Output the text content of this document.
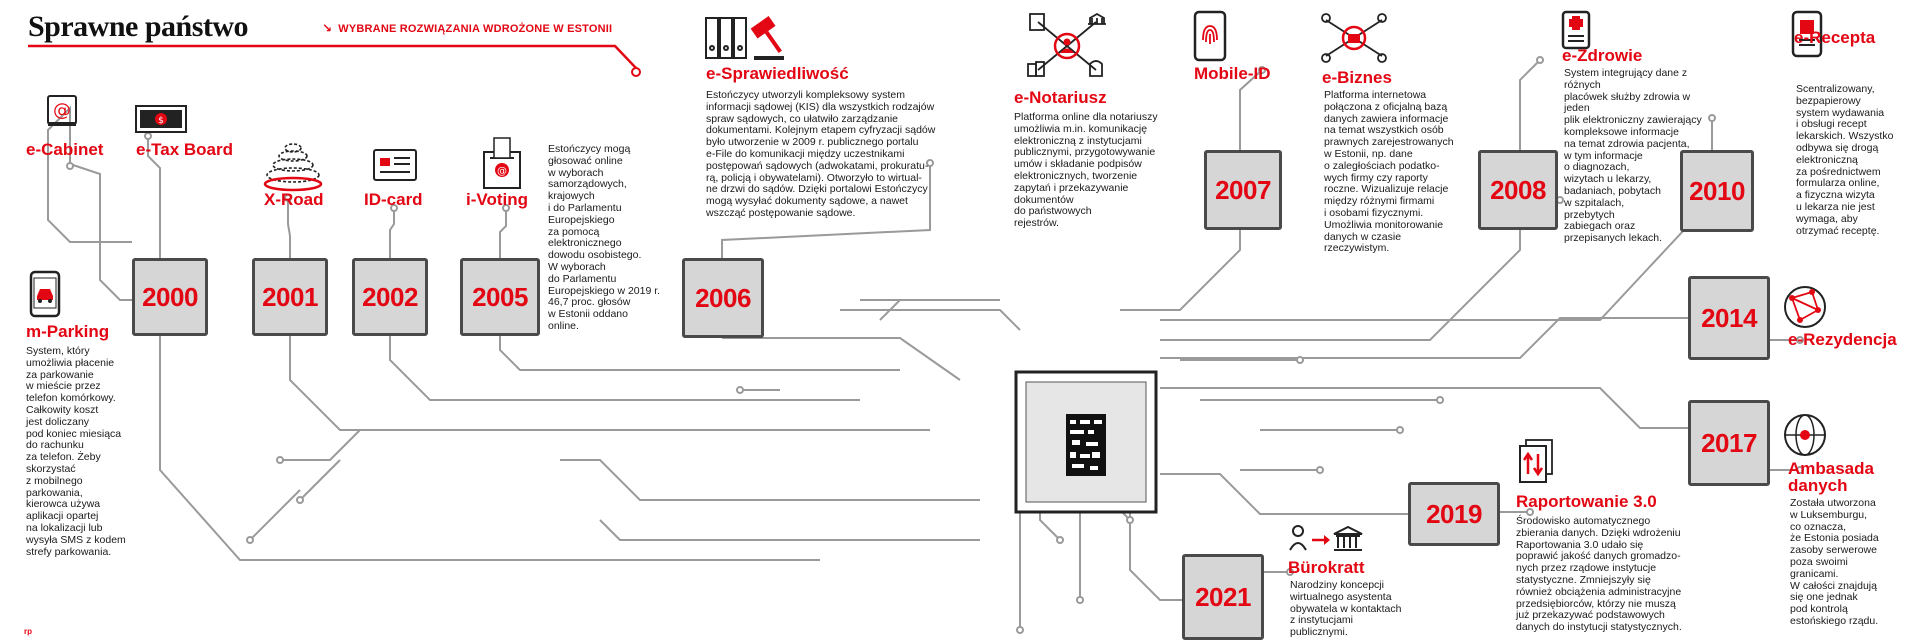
Sprawne państwo	↘ WYBRANE ROZWIĄZANIA WDROŻONE W ESTONII
2000	2001	2002	2005	2006
2007	2008	2010
2014
2017
2019
2021
@
e-Cabinet
$
e-Tax Board
m-Parking
System, który
umożliwia płacenie
za parkowanie
w mieście przez
telefon komórkowy.
Całkowity koszt
jest doliczany
pod koniec miesiąca
do rachunku
za telefon. Żeby
skorzystać
z mobilnego
parkowania,
kierowca używa
aplikacji opartej
na lokalizacji lub
wysyła SMS z kodem
strefy parkowania.
X-Road ID-card
@
i-Voting
Estończycy mogą
głosować online
w wyborach
samorządowych,
krajowych
i do Parlamentu
Europejskiego
za pomocą
elektronicznego
dowodu osobistego.
W wyborach
do Parlamentu
Europejskiego w 2019 r.
46,7 proc. głosów
w Estonii oddano
online.
e-Sprawiedliwość
Estończycy utworzyli kompleksowy system
informacji sądowej (KIS) dla wszystkich rodzajów
spraw sądowych, co ułatwiło zarządzanie
dokumentami. Kolejnym etapem cyfryzacji sądów
było utworzenie w 2009 r. publicznego portalu
e-File do komunikacji między uczestnikami
postępowań sądowych (adwokatami, prokuratu-
rą, policją i obywatelami). Otworzyło to wirtual-
ne drzwi do sądów. Dzięki portalowi Estończycy
mogą wysyłać dokumenty sądowe, a nawet
wszcząć postępowanie sądowe.
e-Notariusz
Platforma online dla notariuszy
umożliwia m.in. komunikację
elektroniczną z instytucjami
publicznymi, przygotowywanie
umów i składanie podpisów
elektronicznych, tworzenie
zapytań i przekazywanie
dokumentów
do państwowych
rejestrów.
Mobile-ID	e-Biznes
Platforma internetowa
połączona z oficjalną bazą
danych zawiera informacje
na temat wszystkich osób
prawnych zarejestrowanych
w Estonii, np. dane
o zaległościach podatko-
wych firmy czy raporty
roczne. Wizualizuje relacje
między różnymi firmami
i osobami fizycznymi.
Umożliwia monitorowanie
danych w czasie
rzeczywistym.
e-Zdrowie
System integrujący dane z różnych
placówek służby zdrowia w jeden
plik elektroniczny zawierający
kompleksowe informacje
na temat zdrowia pacjenta,
w tym informacje
o diagnozach,
wizytach u lekarzy,
badaniach, pobytach
w szpitalach,
przebytych
zabiegach oraz
przepisanych lekach.
e-Recepta
Scentralizowany,
bezpapierowy
system wydawania
i obsługi recept
lekarskich. Wszystko
odbywa się drogą
elektroniczną
za pośrednictwem
formularza online,
a fizyczna wizyta
u lekarza nie jest
wymaga, aby
otrzymać receptę.
e-Rezydencja
Ambasada
danych
Została utworzona
w Luksemburgu,
co oznacza,
że Estonia posiada
zasoby serwerowe
poza swoimi
granicami.
W całości znajdują
się one jednak
pod kontrolą
estońskiego rządu.
Raportowanie 3.0
Środowisko automatycznego
zbierania danych. Dzięki wdrożeniu
Raportowania 3.0 udało się
poprawić jakość danych gromadzo-
nych przez rządowe instytucje
statystyczne. Zmniejszyły się
również obciążenia administracyjne
przedsiębiorców, którzy nie muszą
już przekazywać podstawowych
danych do instytucji statystycznych.
Bürokratt
Narodziny koncepcji
wirtualnego asystenta
obywatela w kontaktach
z instytucjami
publicznymi.
rp
